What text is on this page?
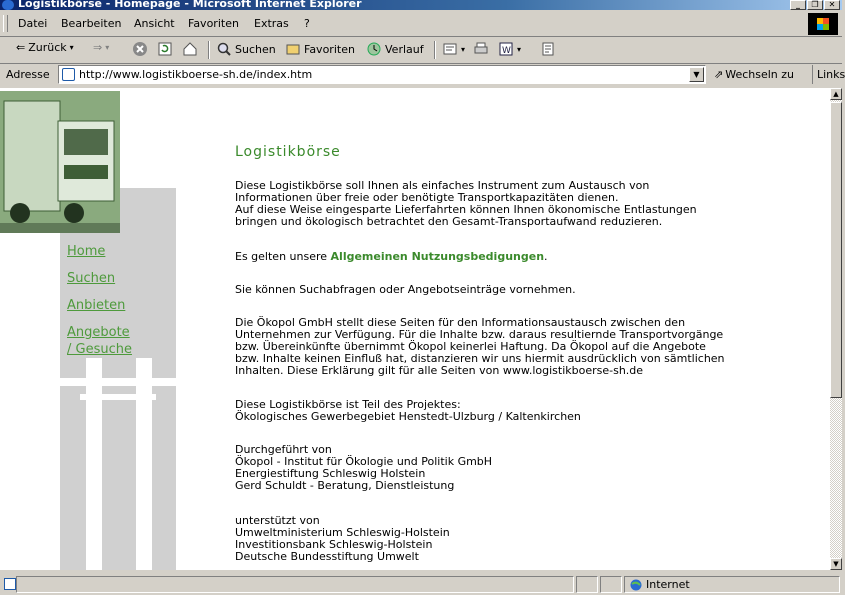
Logistikbörse - Homepage - Microsoft Internet Explorer	_	❐	✕
Datei Bearbeiten Ansicht Favoriten Extras ?
⇐ Zurück ▾ ⇒ ▾	Suchen	Favoriten	Verlauf	▾	W ▾
Adresse	http://www.logistikboerse-sh.de/index.htm	▼	⇗ Wechseln zu	Links
Home
Suchen
Anbieten
Angebote
/ Gesuche
Logistikbörse
Diese Logistikbörse soll Ihnen als einfaches Instrument zum Austausch von
Informationen über freie oder benötigte Transportkapazitäten dienen.
Auf diese Weise eingesparte Lieferfahrten können Ihnen ökonomische Entlastungen
bringen und ökologisch betrachtet den Gesamt-Transportaufwand reduzieren.
Es gelten unsere Allgemeinen Nutzungsbedigungen.
Sie können Suchabfragen oder Angebotseinträge vornehmen.
Die Ökopol GmbH stellt diese Seiten für den Informationsaustausch zwischen den
Unternehmen zur Verfügung. Für die Inhalte bzw. daraus resultiernde Transportvorgänge
bzw. Übereinkünfte übernimmt Ökopol keinerlei Haftung. Da Ökopol auf die Angebote
bzw. Inhalte keinen Einfluß hat, distanzieren wir uns hiermit ausdrücklich von sämtlichen
Inhalten. Diese Erklärung gilt für alle Seiten von www.logistikboerse-sh.de
Diese Logistikbörse ist Teil des Projektes:
Ökologisches Gewerbegebiet Henstedt-Ulzburg / Kaltenkirchen
Durchgeführt von
Ökopol - Institut für Ökologie und Politik GmbH
Energiestiftung Schleswig Holstein
Gerd Schuldt - Beratung, Dienstleistung
unterstützt von
Umweltministerium Schleswig-Holstein
Investitionsbank Schleswig-Holstein
Deutsche Bundesstiftung Umwelt
▲
▼
Internet
